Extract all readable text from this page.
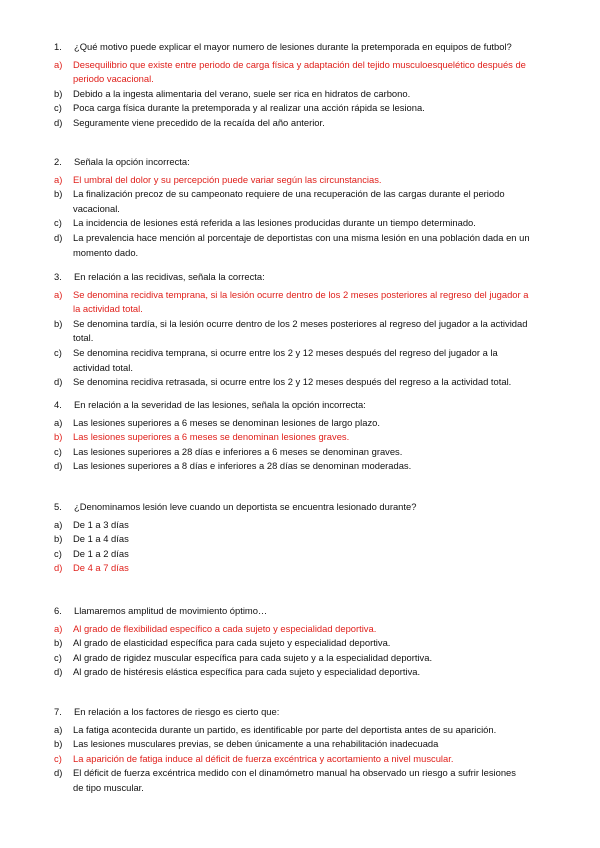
1. ¿Qué motivo puede explicar el mayor numero de lesiones durante la pretemporada en equipos de futbol?
a) Desequilibrio que existe entre periodo de carga física y adaptación del tejido musculoesquelético después de
periodo vacacional.
b) Debido a la ingesta alimentaria del verano, suele ser rica en hidratos de carbono.
c) Poca carga física durante la pretemporada y al realizar una acción rápida se lesiona.
d) Seguramente viene precedido de la recaída del año anterior.
2. Señala la opción incorrecta:
a) El umbral del dolor y su percepción puede variar según las circunstancias.
b) La finalización precoz de su campeonato requiere de una recuperación de las cargas durante el periodo
vacacional.
c) La incidencia de lesiones está referida a las lesiones producidas durante un tiempo determinado.
d) La prevalencia hace mención al porcentaje de deportistas con una misma lesión en una población dada en un
momento dado.
3. En relación a las recidivas, señala la correcta:
a) Se denomina recidiva temprana, si la lesión ocurre dentro de los 2 meses posteriores al regreso del jugador a
la actividad total.
b) Se denomina tardía, si la lesión ocurre dentro de los 2 meses posteriores al regreso del jugador a la actividad
total.
c) Se denomina recidiva temprana, si ocurre entre los 2 y 12 meses después del regreso del jugador a la
actividad total.
d) Se denomina recidiva retrasada, si ocurre entre los 2 y 12 meses después del regreso a la actividad total.
4. En relación a la severidad de las lesiones, señala la opción incorrecta:
a) Las lesiones superiores a 6 meses se denominan lesiones de largo plazo.
b) Las lesiones superiores a 6 meses se denominan lesiones graves.
c) Las lesiones superiores a 28 días e inferiores a 6 meses se denominan graves.
d) Las lesiones superiores a 8 días e inferiores a 28 días se denominan moderadas.
5. ¿Denominamos lesión leve cuando un deportista se encuentra lesionado durante?
a) De 1 a 3 días
b) De 1 a 4 días
c) De 1 a 2 días
d) De 4 a 7 días
6. Llamaremos amplitud de movimiento óptimo…
a) Al grado de flexibilidad específico a cada sujeto y especialidad deportiva.
b) Al grado de elasticidad específica para cada sujeto y especialidad deportiva.
c) Al grado de rigidez muscular específica para cada sujeto y a la especialidad deportiva.
d) Al grado de histéresis elástica específica para cada sujeto y especialidad deportiva.
7. En relación a los factores de riesgo es cierto que:
a) La fatiga acontecida durante un partido, es identificable por parte del deportista antes de su aparición.
b) Las lesiones musculares previas, se deben únicamente a una rehabilitación inadecuada
c) La aparición de fatiga induce al déficit de fuerza excéntrica y acortamiento a nivel muscular.
d) El déficit de fuerza excéntrica medido con el dinamómetro manual ha observado un riesgo a sufrir lesiones
de tipo muscular.
